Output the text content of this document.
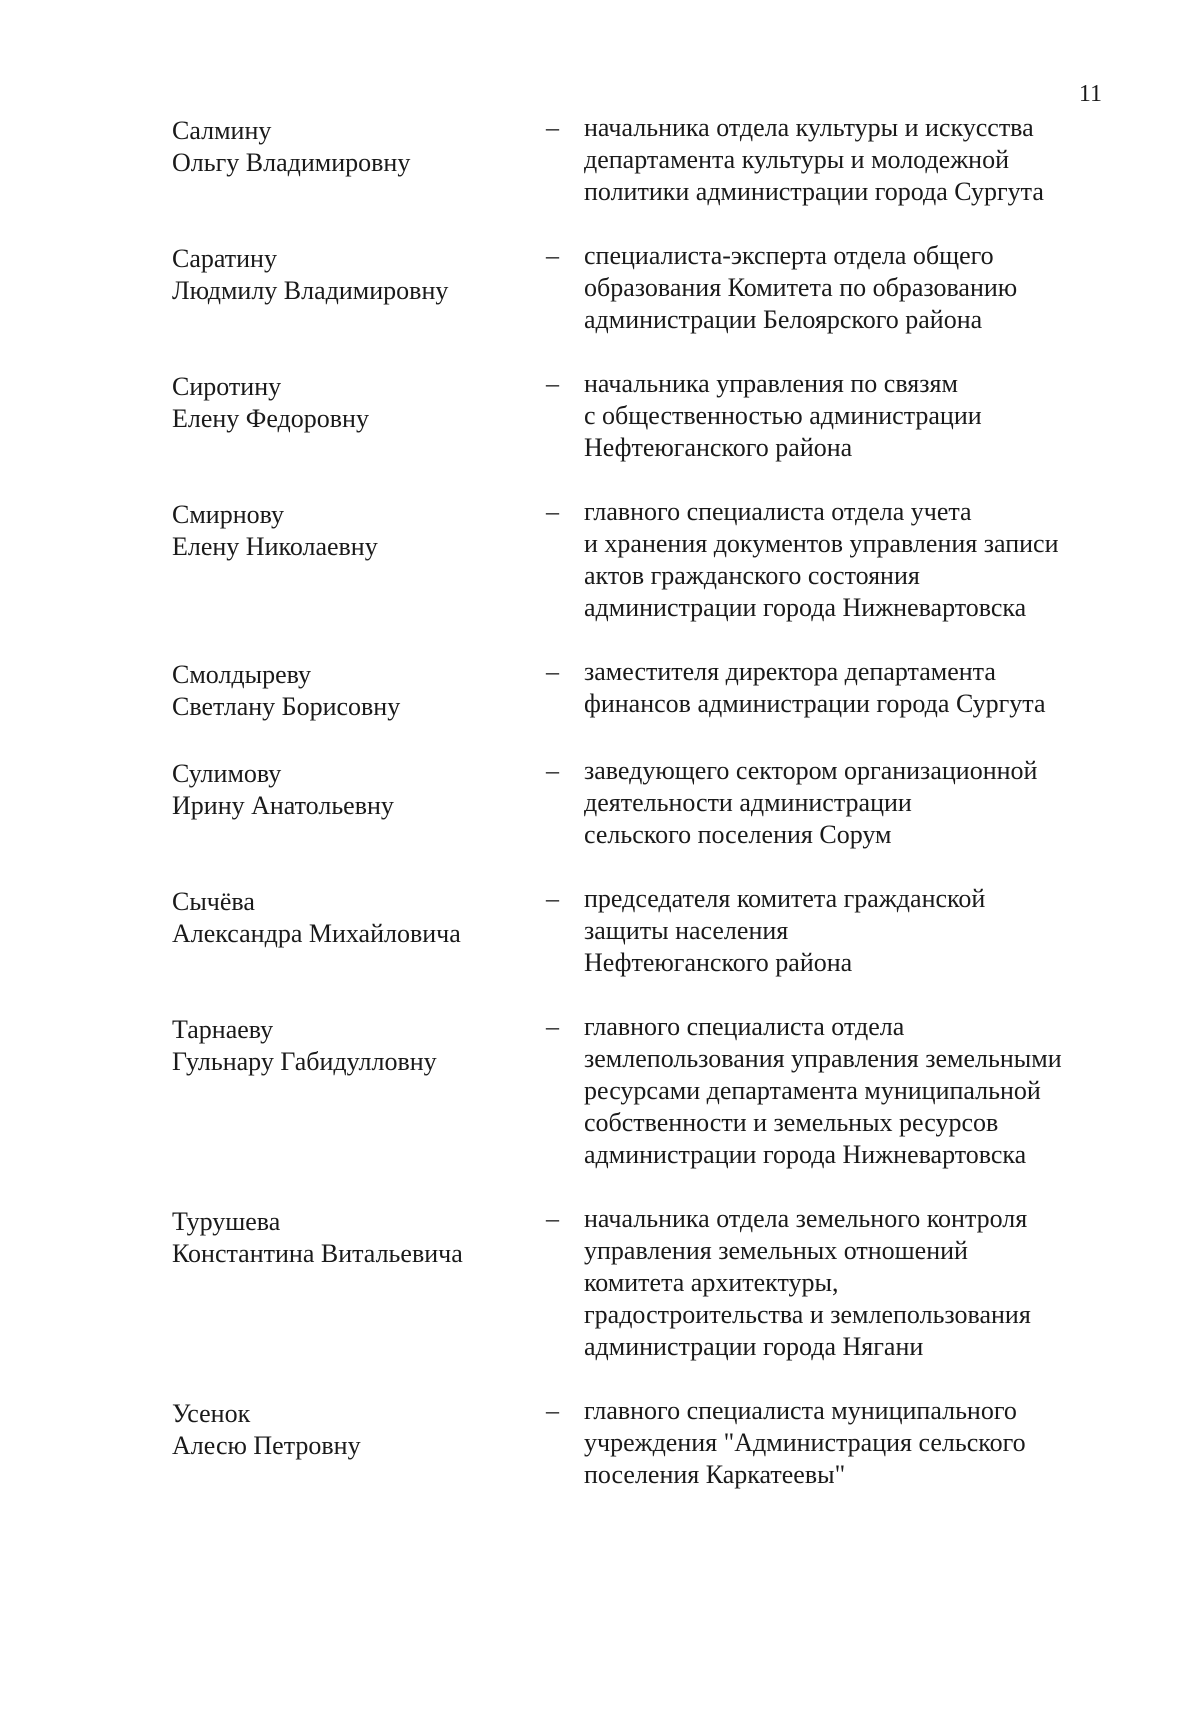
11
Салмину
Ольгу Владимировну
– начальника отдела культуры и искусства
департамента культуры и молодежной
политики администрации города Сургута
Саратину
Людмилу Владимировну
– специалиста-эксперта отдела общего
образования Комитета по образованию
администрации Белоярского района
Сиротину
Елену Федоровну
– начальника управления по связям
с общественностью администрации
Нефтеюганского района
Смирнову
Елену Николаевну
– главного специалиста отдела учета
и хранения документов управления записи
актов гражданского состояния
администрации города Нижневартовска
Смолдыреву
Светлану Борисовну
– заместителя директора департамента
финансов администрации города Сургута
Сулимову
Ирину Анатольевну
– заведующего сектором организационной
деятельности администрации
сельского поселения Сорум
Сычёва
Александра Михайловича
– председателя комитета гражданской
защиты населения
Нефтеюганского района
Тарнаеву
Гульнару Габидулловну
– главного специалиста отдела
землепользования управления земельными
ресурсами департамента муниципальной
собственности и земельных ресурсов
администрации города Нижневартовска
Турушева
Константина Витальевича
– начальника отдела земельного контроля
управления земельных отношений
комитета архитектуры,
градостроительства и землепользования
администрации города Нягани
Усенок
Алесю Петровну
– главного специалиста муниципального
учреждения "Администрация сельского
поселения Каркатеевы"
